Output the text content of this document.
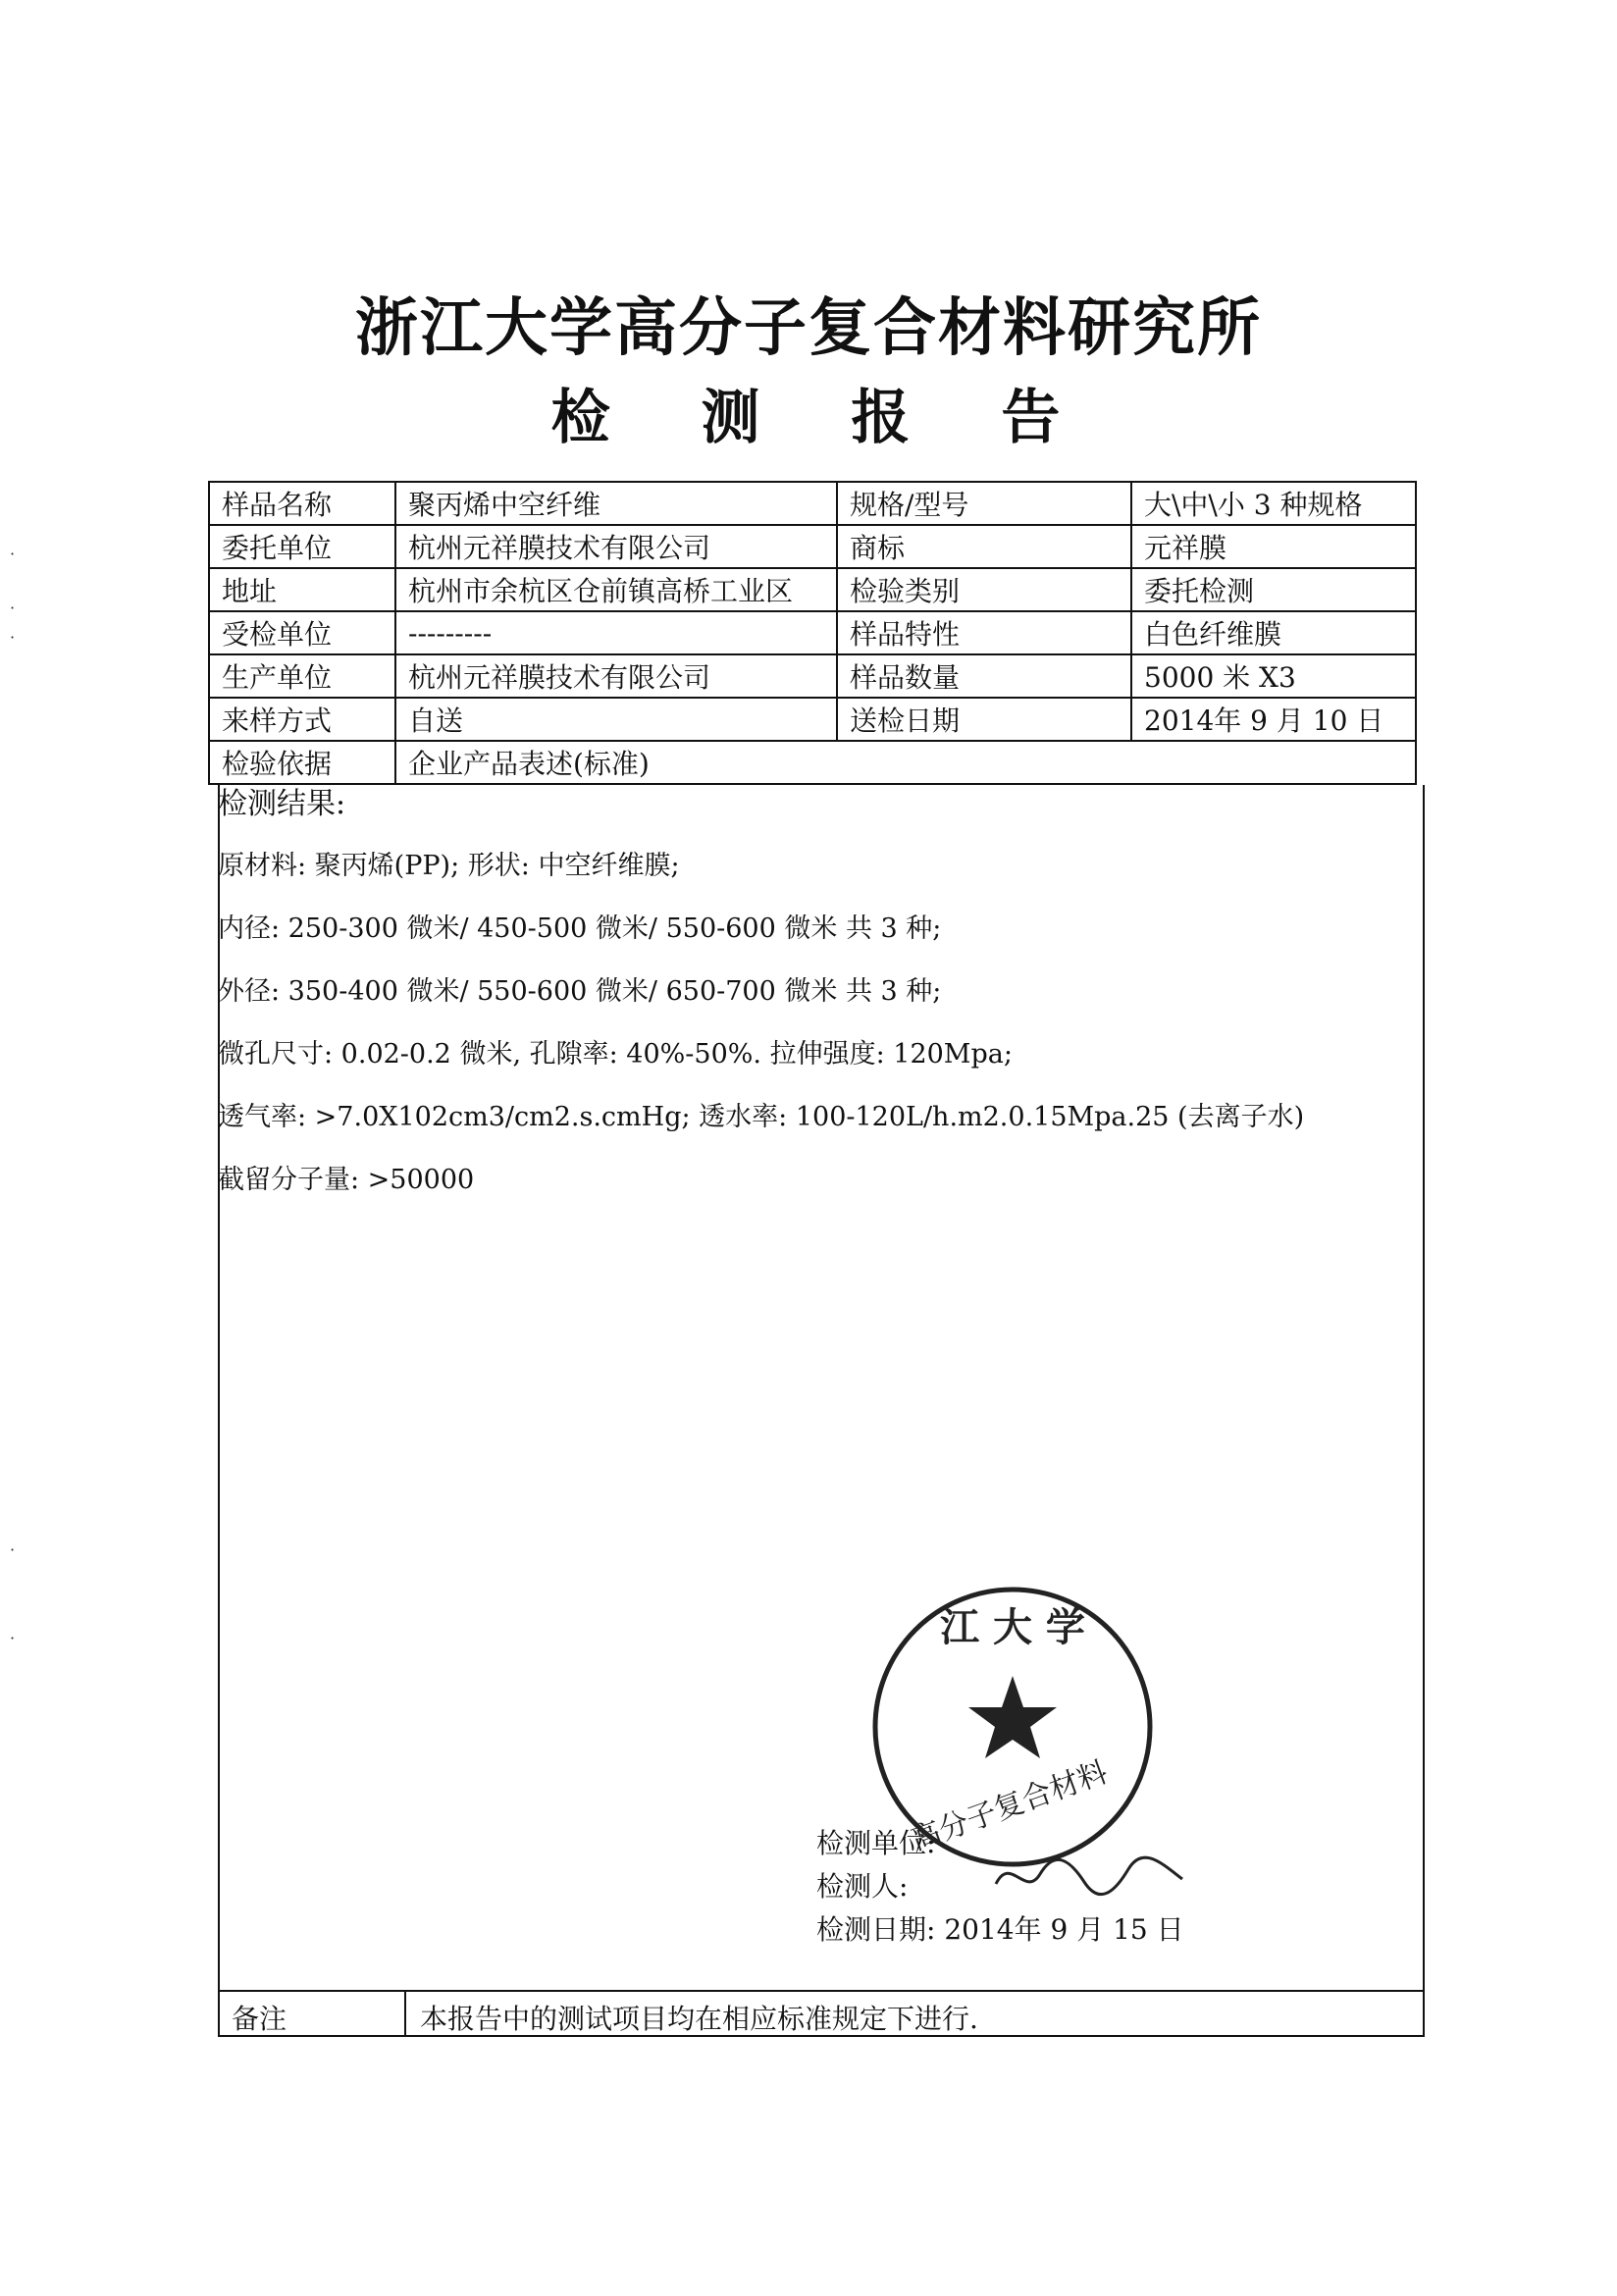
浙江大学高分子复合材料研究所
检 测 报 告
·
·
·
·
·
样品名称	聚丙烯中空纤维	规格/型号	大\中\小 3 种规格
委托单位	杭州元祥膜技术有限公司	商标	元祥膜
地址	杭州市余杭区仓前镇高桥工业区	检验类别	委托检测
受检单位	---------	样品特性	白色纤维膜
生产单位	杭州元祥膜技术有限公司	样品数量	5000 米 X3
来样方式	自送	送检日期	2014年 9 月 10 日
检验依据	企业产品表述(标准)		
检测结果:
原材料: 聚丙烯(PP); 形状: 中空纤维膜;
内径: 250-300 微米/ 450-500 微米/ 550-600 微米 共 3 种;
外径: 350-400 微米/ 550-600 微米/ 650-700 微米 共 3 种;
微孔尺寸: 0.02-0.2 微米, 孔隙率: 40%-50%. 拉伸强度: 120Mpa;
透气率: >7.0X102cm3/cm2.s.cmHg; 透水率: 100-120L/h.m2.0.15Mpa.25 (去离子水)
截留分子量: >50000
江 大 学
高分子复合材料
检测单位:
检测人:
检测日期: 2014年 9 月 15 日
备注	本报告中的测试项目均在相应标准规定下进行.
